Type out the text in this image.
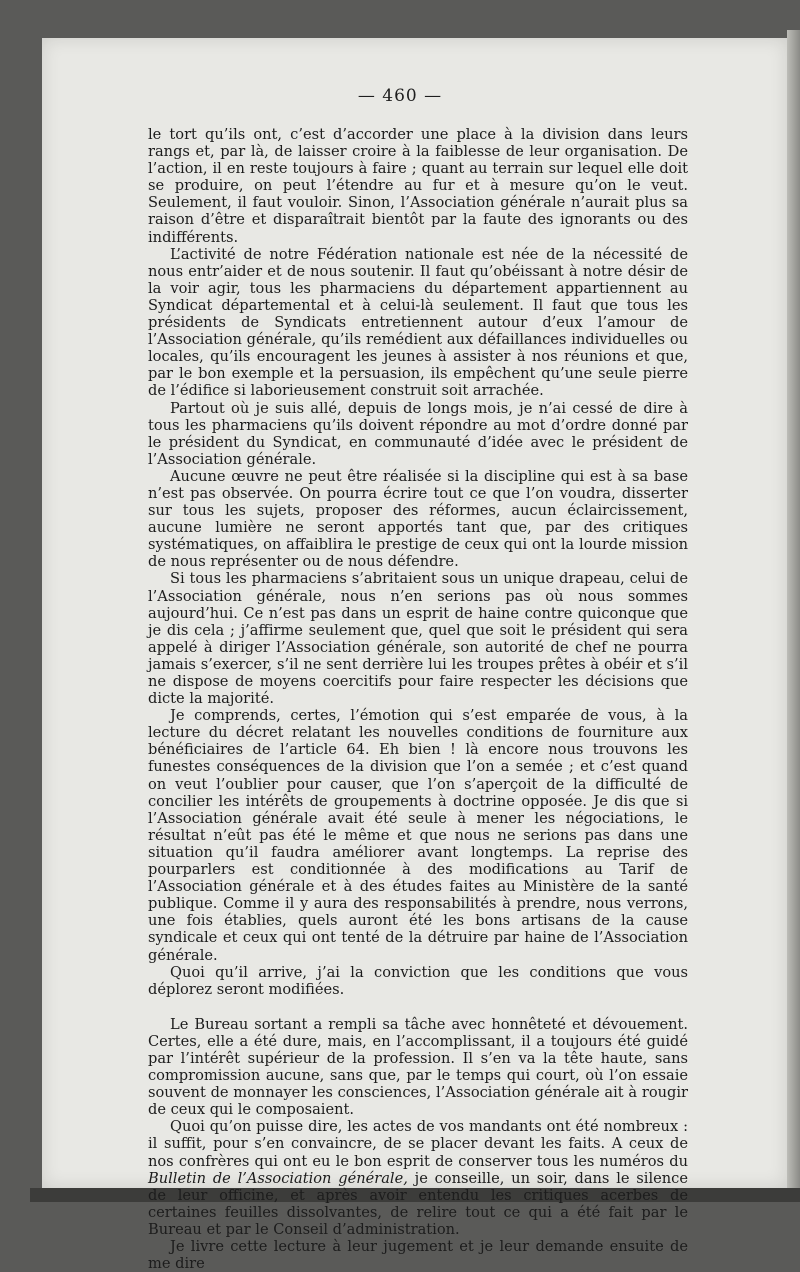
— 460 —

le tort qu’ils ont, c’est d’accorder une place à la division dans leurs rangs et, par là, de laisser croire à la faiblesse de leur organisation. De l’action, il en reste toujours à faire ; quant au terrain sur lequel elle doit se produire, on peut l’étendre au fur et à mesure qu’on le veut. Seulement, il faut vouloir. Sinon, l’Association générale n’aurait plus sa raison d’être et disparaîtrait bientôt par la faute des ignorants ou des indifférents.

L’activité de notre Fédération nationale est née de la nécessité de nous entr’aider et de nous soutenir. Il faut qu’obéissant à notre désir de la voir agir, tous les pharmaciens du département appartiennent au Syndicat départemental et à celui-là seulement. Il faut que tous les présidents de Syndicats entretiennent autour d’eux l’amour de l’Association générale, qu’ils remédient aux défaillances individuelles ou locales, qu’ils encouragent les jeunes à assister à nos réunions et que, par le bon exemple et la persuasion, ils empêchent qu’une seule pierre de l’édifice si laborieusement construit soit arrachée.

Partout où je suis allé, depuis de longs mois, je n’ai cessé de dire à tous les pharmaciens qu’ils doivent répondre au mot d’ordre donné par le président du Syndicat, en communauté d’idée avec le président de l’Association générale.

Aucune œuvre ne peut être réalisée si la discipline qui est à sa base n’est pas observée. On pourra écrire tout ce que l’on voudra, disserter sur tous les sujets, proposer des réformes, aucun éclaircissement, aucune lumière ne seront apportés tant que, par des critiques systématiques, on affaiblira le prestige de ceux qui ont la lourde mission de nous représenter ou de nous défendre.

Si tous les pharmaciens s’abritaient sous un unique drapeau, celui de l’Association générale, nous n’en serions pas où nous sommes aujourd’hui. Ce n’est pas dans un esprit de haine contre quiconque que je dis cela ; j’affirme seulement que, quel que soit le président qui sera appelé à diriger l’Association générale, son autorité de chef ne pourra jamais s’exercer, s’il ne sent derrière lui les troupes prêtes à obéir et s’il ne dispose de moyens coercitifs pour faire respecter les décisions que dicte la majorité.

Je comprends, certes, l’émotion qui s’est emparée de vous, à la lecture du décret relatant les nouvelles conditions de fourniture aux bénéficiaires de l’article 64. Eh bien ! là encore nous trouvons les funestes conséquences de la division que l’on a semée ; et c’est quand on veut l’oublier pour causer, que l’on s’aperçoit de la difficulté de concilier les intérêts de groupements à doctrine opposée. Je dis que si l’Association générale avait été seule à mener les négociations, le résultat n’eût pas été le même et que nous ne serions pas dans une situation qu’il faudra améliorer avant longtemps. La reprise des pourparlers est conditionnée à des modifications au Tarif de l’Association générale et à des études faites au Ministère de la santé publique. Comme il y aura des responsabilités à prendre, nous verrons, une fois établies, quels auront été les bons artisans de la cause syndicale et ceux qui ont tenté de la détruire par haine de l’Association générale.

Quoi qu’il arrive, j’ai la conviction que les conditions que vous déplorez seront modifiées.

Le Bureau sortant a rempli sa tâche avec honnêteté et dévouement. Certes, elle a été dure, mais, en l’accomplissant, il a toujours été guidé par l’intérêt supérieur de la profession. Il s’en va la tête haute, sans compromission aucune, sans que, par le temps qui court, où l’on essaie souvent de monnayer les consciences, l’Association générale ait à rougir de ceux qui le composaient.

Quoi qu’on puisse dire, les actes de vos mandants ont été nombreux : il suffit, pour s’en convaincre, de se placer devant les faits. A ceux de nos confrères qui ont eu le bon esprit de conserver tous les numéros du Bulletin de l’Association générale, je conseille, un soir, dans le silence de leur officine, et après avoir entendu les critiques acerbes de certaines feuilles dissolvantes, de relire tout ce qui a été fait par le Bureau et par le Conseil d’administration.

Je livre cette lecture à leur jugement et je leur demande ensuite de me dire
